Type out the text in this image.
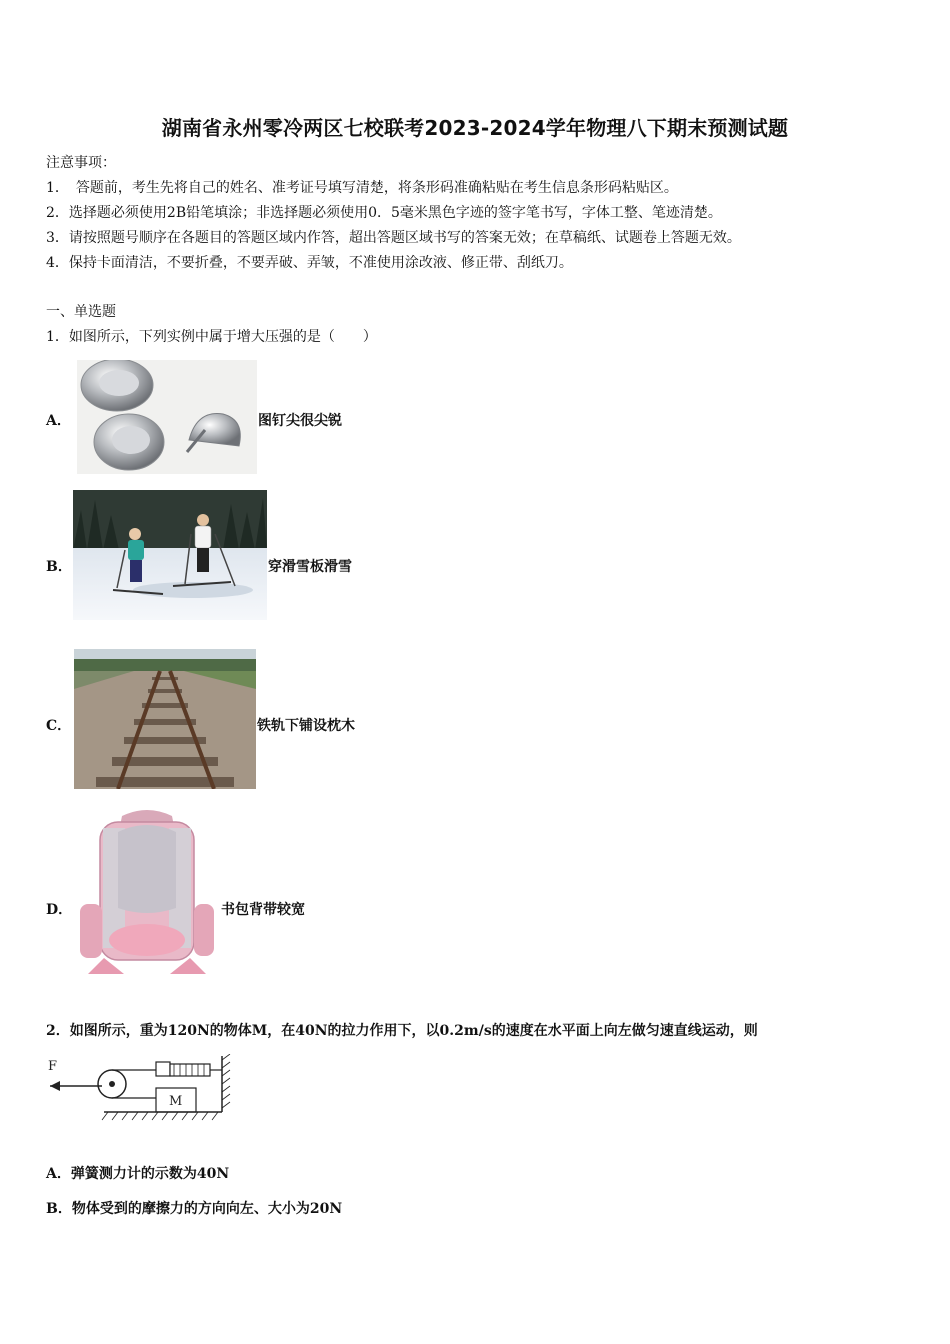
湖南省永州零冷两区七校联考2023-2024学年物理八下期末预测试题
注意事项：
1．　答题前，考生先将自己的姓名、准考证号填写清楚，将条形码准确粘贴在考生信息条形码粘贴区。
2．选择题必须使用2B铅笔填涂；非选择题必须使用0．5毫米黑色字迹的签字笔书写，字体工整、笔迹清楚。
3．请按照题号顺序在各题目的答题区域内作答，超出答题区域书写的答案无效；在草稿纸、试题卷上答题无效。
4．保持卡面清洁，不要折叠，不要弄破、弄皱，不准使用涂改液、修正带、刮纸刀。
一、单选题
1．如图所示，下列实例中属于增大压强的是（　　）
A．	图钉尖很尖锐
B．	穿滑雪板滑雪
C．	铁轨下铺设枕木
D．	书包背带较宽
2．如图所示，重为120N的物体M，在40N的拉力作用下，以0.2m/s的速度在水平面上向左做匀速直线运动，则
F
M
A．弹簧测力计的示数为40N
B．物体受到的摩擦力的方向向左、大小为20N
